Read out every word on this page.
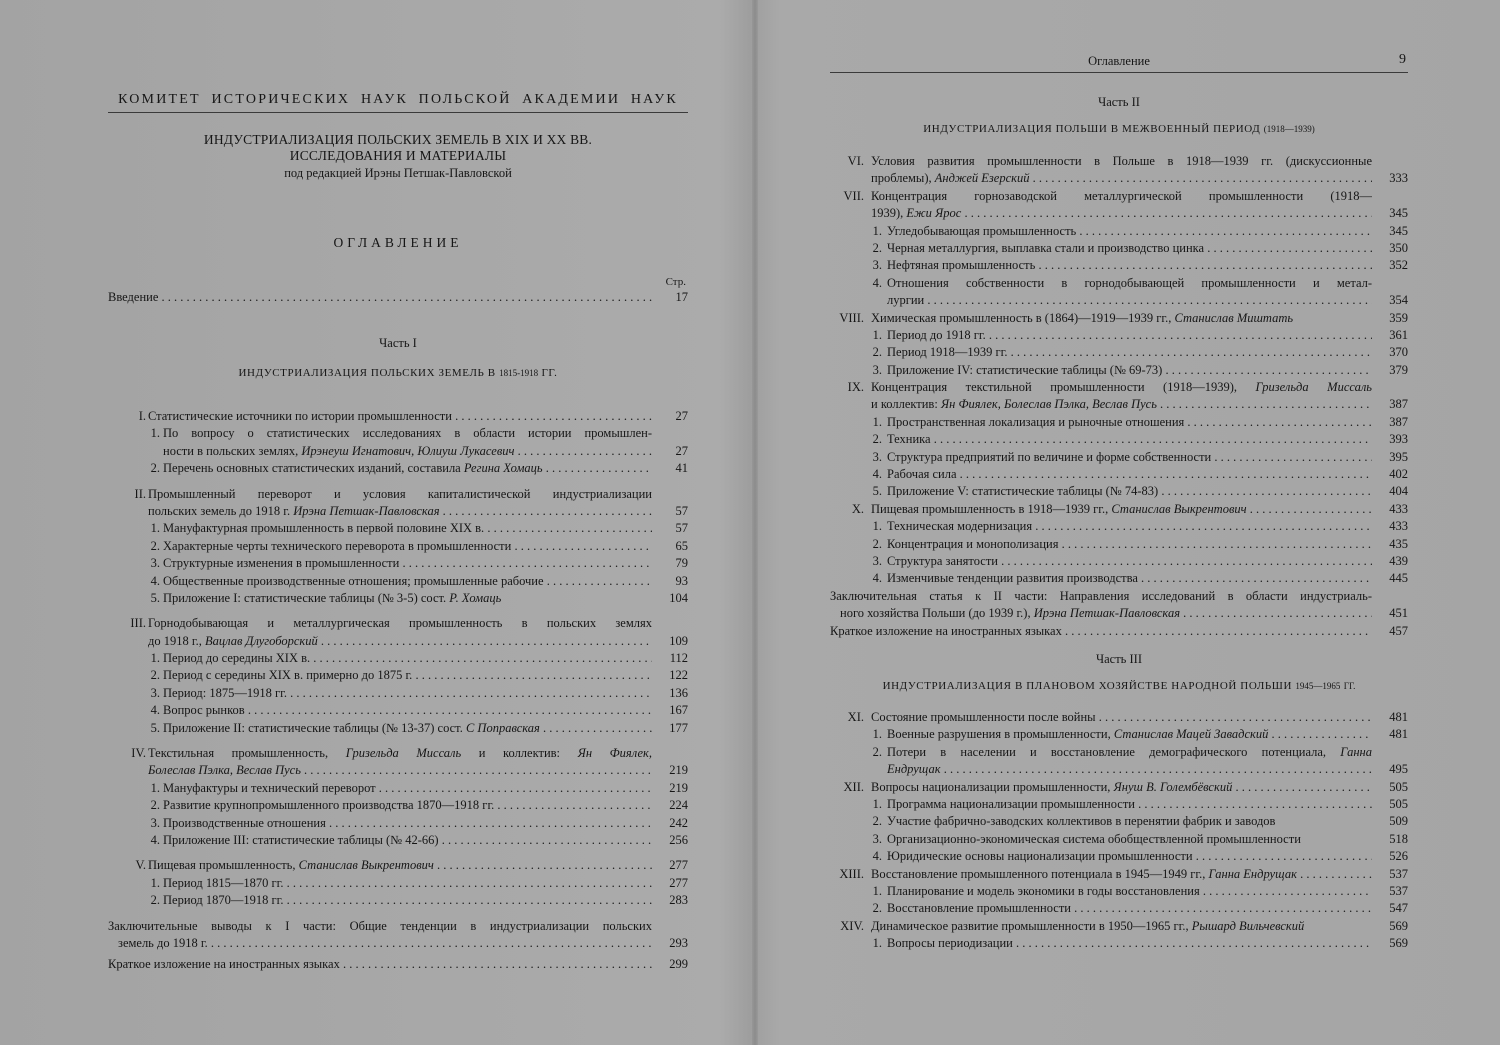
КОМИТЕТ ИСТОРИЧЕСКИХ НАУК ПОЛЬСКОЙ АКАДЕМИИ НАУК
ИНДУСТРИАЛИЗАЦИЯ ПОЛЬСКИХ ЗЕМЕЛЬ В XIX И XX ВВ.
ИССЛЕДОВАНИЯ И МАТЕРИАЛЫ
под редакцией Ирэны Петшак-Павловской
ОГЛАВЛЕНИЕ
Стр.
Введение . . .	17
Часть I
ИНДУСТРИАЛИЗАЦИЯ ПОЛЬСКИХ ЗЕМЕЛЬ В 1815-1918 ГГ.
I. Статистические источники по истории промышленности . . .	27
1. По вопросу о статистических исследованиях в области истории промышлен-
ности в польских землях, Ирэнеуш Игнатович, Юлиуш Лукасевич . . .	27
2. Перечень основных статистических изданий, составила Регина Хомаць . . .	41
II. Промышленный переворот и условия капиталистической индустриализации
польских земель до 1918 г. Ирэна Петшак-Павловская . . .	57
1. Мануфактурная промышленность в первой половине XIX в. . . .	57
2. Характерные черты технического переворота в промышленности . . .	65
3. Структурные изменения в промышленности . . .	79
4. Общественные производственные отношения; промышленные рабочие . . .	93
5. Приложение I: статистические таблицы (№ 3-5) сост. Р. Хомаць	104
III. Горнодобывающая и металлургическая промышленность в польских землях
до 1918 г., Вацлав Длугоборский . . .	109
1. Период до середины XIX в. . . .	112
2. Период с середины XIX в. примерно до 1875 г. . . .	122
3. Период: 1875—1918 гг. . . .	136
4. Вопрос рынков . . .	167
5. Приложение II: статистические таблицы (№ 13-37) сост. С Поправская . . .	177
IV. Текстильная промышленность, Гризельда Миссаль и коллектив: Ян Фиялек,
Болеслав Пэлка, Веслав Пусь . . .	219
1. Мануфактуры и технический переворот . . .	219
2. Развитие крупнопромышленного производства 1870—1918 гг. . . .	224
3. Производственные отношения . . .	242
4. Приложение III: статистические таблицы (№ 42-66) . . .	256
V. Пищевая промышленность, Станислав Выкрентович . . .	277
1. Период 1815—1870 гг. . . .	277
2. Период 1870—1918 гг. . . .	283
Заключительные выводы к I части: Общие тенденции в индустриализации польских
земель до 1918 г. . . .	293
Краткое изложение на иностранных языках . . .	299
Оглавление	9
Часть II
ИНДУСТРИАЛИЗАЦИЯ ПОЛЬШИ В МЕЖВОЕННЫЙ ПЕРИОД (1918—1939)
VI. Условия развития промышленности в Польше в 1918—1939 гг. (дискуссионные
проблемы), Анджей Езерский . . .	333
VII. Концентрация горнозаводской металлургической промышленности (1918—
1939), Ежи Ярос . . .	345
1. Угледобывающая промышленность . . .	345
2. Черная металлургия, выплавка стали и производство цинка . . .	350
3. Нефтяная промышленность . . .	352
4. Отношения собственности в горнодобывающей промышленности и метал-
лургии . . .	354
VIII. Химическая промышленность в (1864)—1919—1939 гг., Станислав Миштать	359
1. Период до 1918 гг. . . .	361
2. Период 1918—1939 гг. . . .	370
3. Приложение IV: статистические таблицы (№ 69-73) . . .	379
IX. Концентрация текстильной промышленности (1918—1939), Гризельда Миссаль
и коллектив: Ян Фиялек, Болеслав Пэлка, Веслав Пусь . . .	387
1. Пространственная локализация и рыночные отношения . . .	387
2. Техника . . .	393
3. Структура предприятий по величине и форме собственности . . .	395
4. Рабочая сила . . .	402
5. Приложение V: статистические таблицы (№ 74-83) . . .	404
X. Пищевая промышленность в 1918—1939 гг., Станислав Выкрентович . . .	433
1. Техническая модернизация . . .	433
2. Концентрация и монополизация . . .	435
3. Структура занятости . . .	439
4. Изменчивые тенденции развития производства . . .	445
Заключительная статья к II части: Направления исследований в области индустриаль-
ного хозяйства Польши (до 1939 г.), Ирэна Петшак-Павловская . . .	451
Краткое изложение на иностранных языках . . .	457
Часть III
ИНДУСТРИАЛИЗАЦИЯ В ПЛАНОВОМ ХОЗЯЙСТВЕ НАРОДНОЙ ПОЛЬШИ 1945—1965 ГГ.
XI. Состояние промышленности после войны . . .	481
1. Военные разрушения в промышленности, Станислав Мацей Завадский . . .	481
2. Потери в населении и восстановление демографического потенциала, Ганна
Ендрущак . . .	495
XII. Вопросы национализации промышленности, Януш В. Голембёвский . . .	505
1. Программа национализации промышленности . . .	505
2. Участие фабрично-заводских коллективов в перенятии фабрик и заводов	509
3. Организационно-экономическая система обобществленной промышленности	518
4. Юридические основы национализации промышленности . . .	526
XIII. Восстановление промышленного потенциала в 1945—1949 гг., Ганна Ендрущак . . .	537
1. Планирование и модель экономики в годы восстановления . . .	537
2. Восстановление промышленности . . .	547
XIV. Динамическое развитие промышленности в 1950—1965 гг., Рышард Вильчевский	569
1. Вопросы периодизации . . .	569
